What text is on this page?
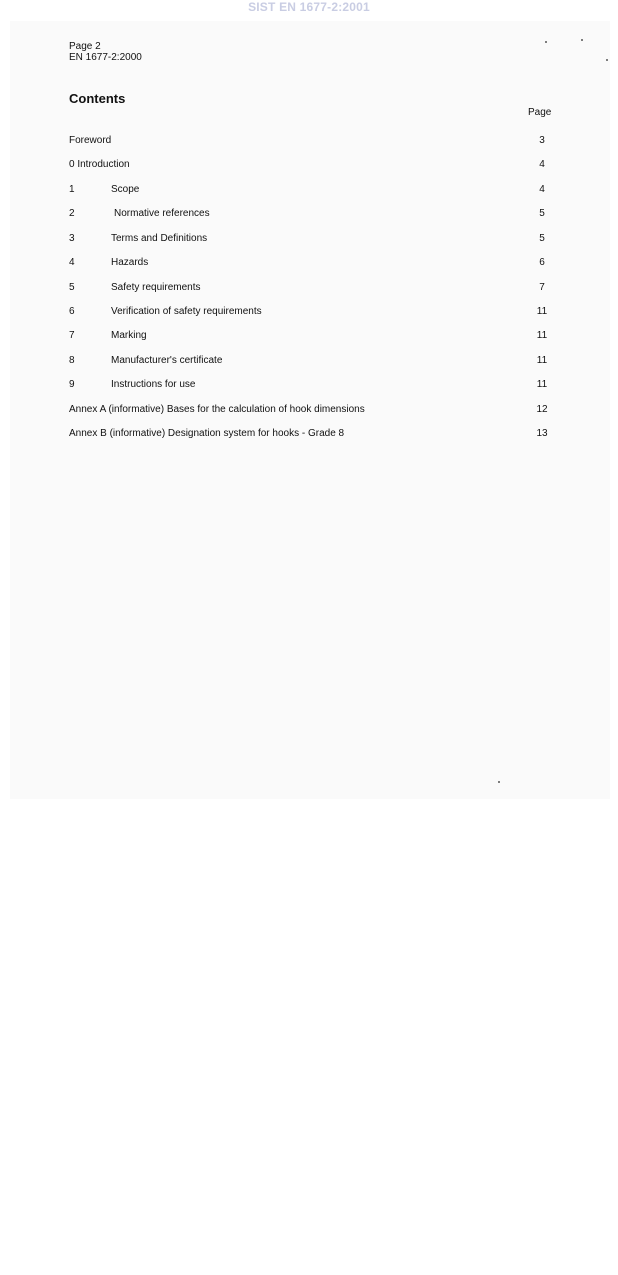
SIST EN 1677-2:2001
Page 2
EN 1677-2:2000
Contents
Page
Foreword	3
0 Introduction	4
1	Scope	4
2	Normative references	5
3	Terms and Definitions	5
4	Hazards	6
5	Safety requirements	7
6	Verification of safety requirements	11
7	Marking	11
8	Manufacturer's certificate	11
9	Instructions for use	11
Annex A (informative) Bases for the calculation of hook dimensions	12
Annex B (informative) Designation system for hooks - Grade 8	13
